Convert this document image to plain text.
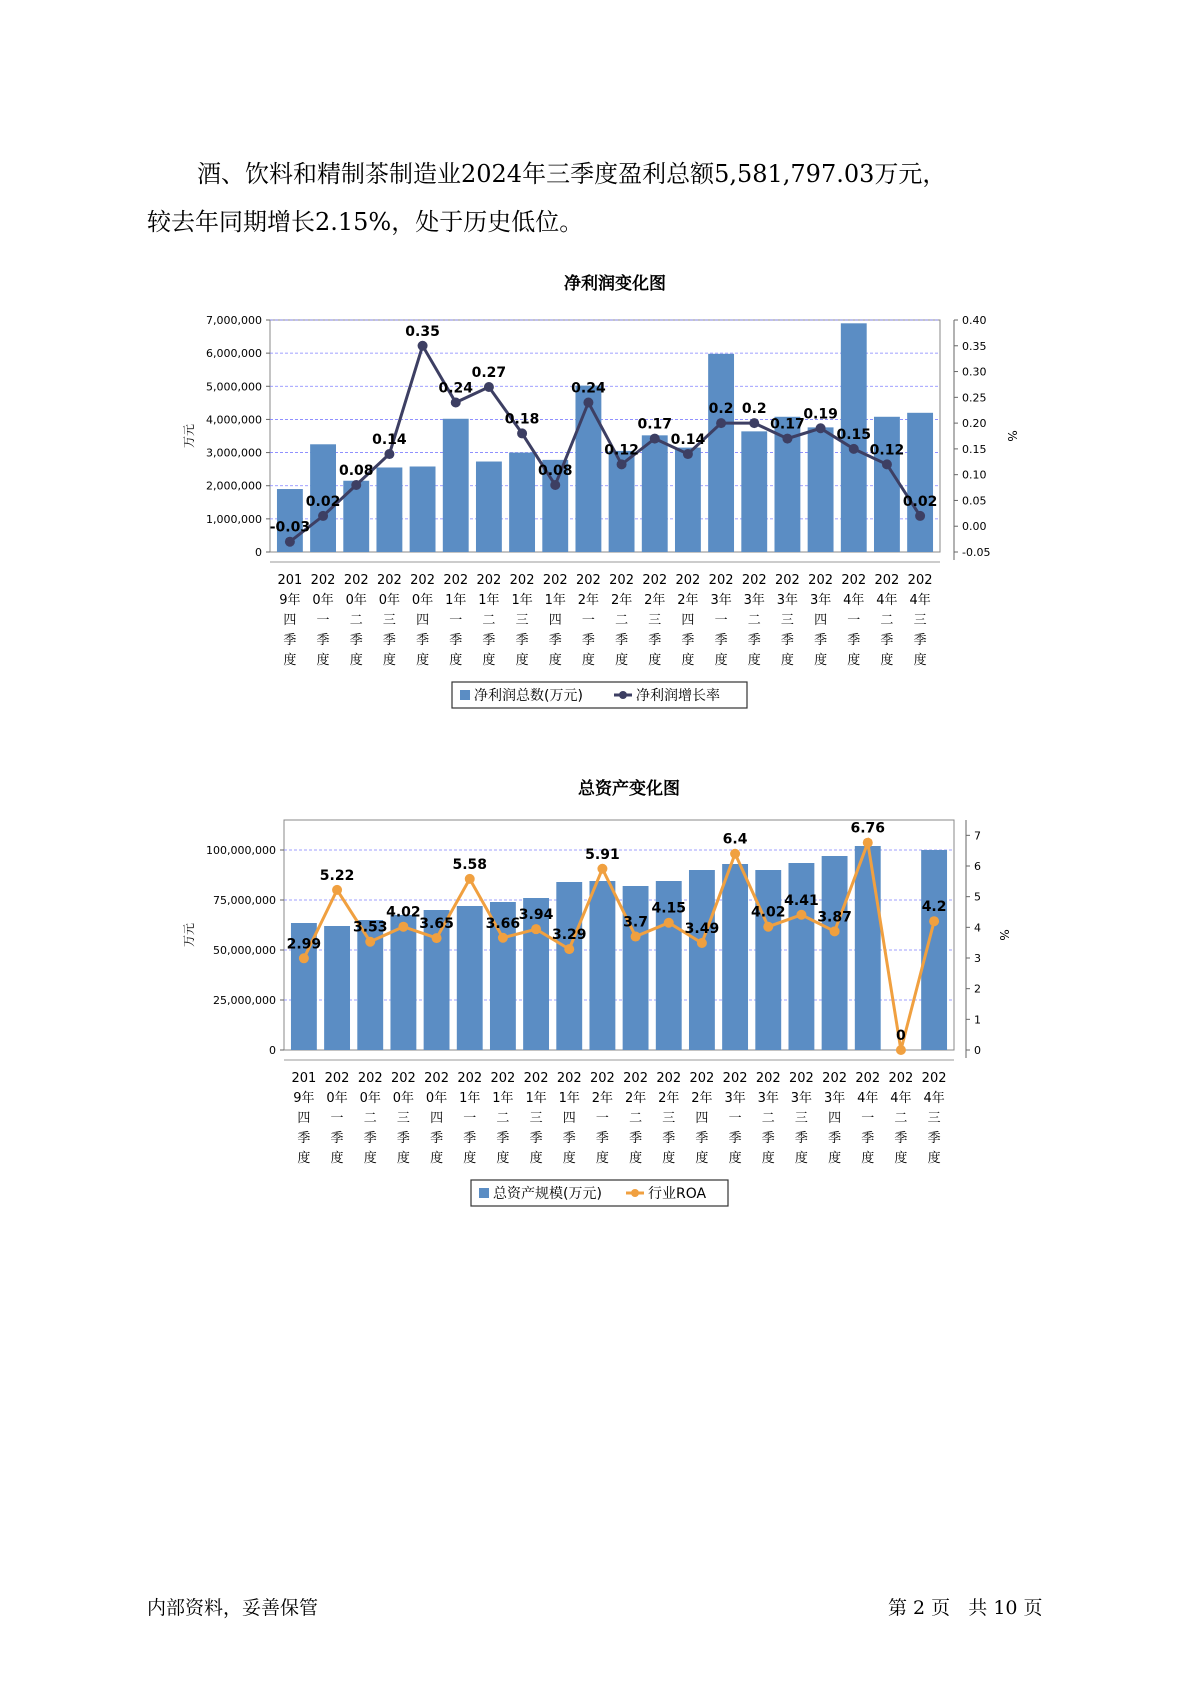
酒、饮料和精制茶制造业2024年三季度盈利总额5,581,797.03万元，

较去年同期增长2.15%，处于历史低位。

净利润变化图
0
1,000,000
2,000,000
3,000,000
4,000,000
5,000,000
6,000,000
7,000,000
-0.05
0.00
0.05
0.10
0.15
0.20
0.25
0.30
0.35
0.40
万元	%
-0.03
0.02
0.08
0.14
0.35
0.24
0.27
0.18
0.08
0.24
0.12
0.17
0.14
0.2 0.2
0.17
0.19
0.15
0.12
0.02
201
9年
四
季
度
202
0年
一
季
度
202
0年
二
季
度
202
0年
三
季
度
202
0年
四
季
度
202
1年
一
季
度
202
1年
二
季
度
202
1年
三
季
度
202
1年
四
季
度
202
2年
一
季
度
202
2年
二
季
度
202
2年
三
季
度
202
2年
四
季
度
202
3年
一
季
度
202
3年
二
季
度
202
3年
三
季
度
202
3年
四
季
度
202
4年
一
季
度
202
4年
二
季
度
202
4年
三
季
度
净利润总数(万元)	净利润增长率
总资产变化图
0
25,000,000
50,000,000
75,000,000
100,000,000
0
1
2
3
4
5
6
7
万元	%
2.99
5.22
3.53
4.02
3.65
5.58
3.66
3.94
3.29
5.91
3.7
4.15
3.49
6.4
4.02
4.41
3.87
6.76
0
4.2
201
9年
四
季
度
202
0年
一
季
度
202
0年
二
季
度
202
0年
三
季
度
202
0年
四
季
度
202
1年
一
季
度
202
1年
二
季
度
202
1年
三
季
度
202
1年
四
季
度
202
2年
一
季
度
202
2年
二
季
度
202
2年
三
季
度
202
2年
四
季
度
202
3年
一
季
度
202
3年
二
季
度
202
3年
三
季
度
202
3年
四
季
度
202
4年
一
季
度
202
4年
二
季
度
202
4年
三
季
度
总资产规模(万元)	行业ROA
内部资料，妥善保管	第 2 页   共 10 页
